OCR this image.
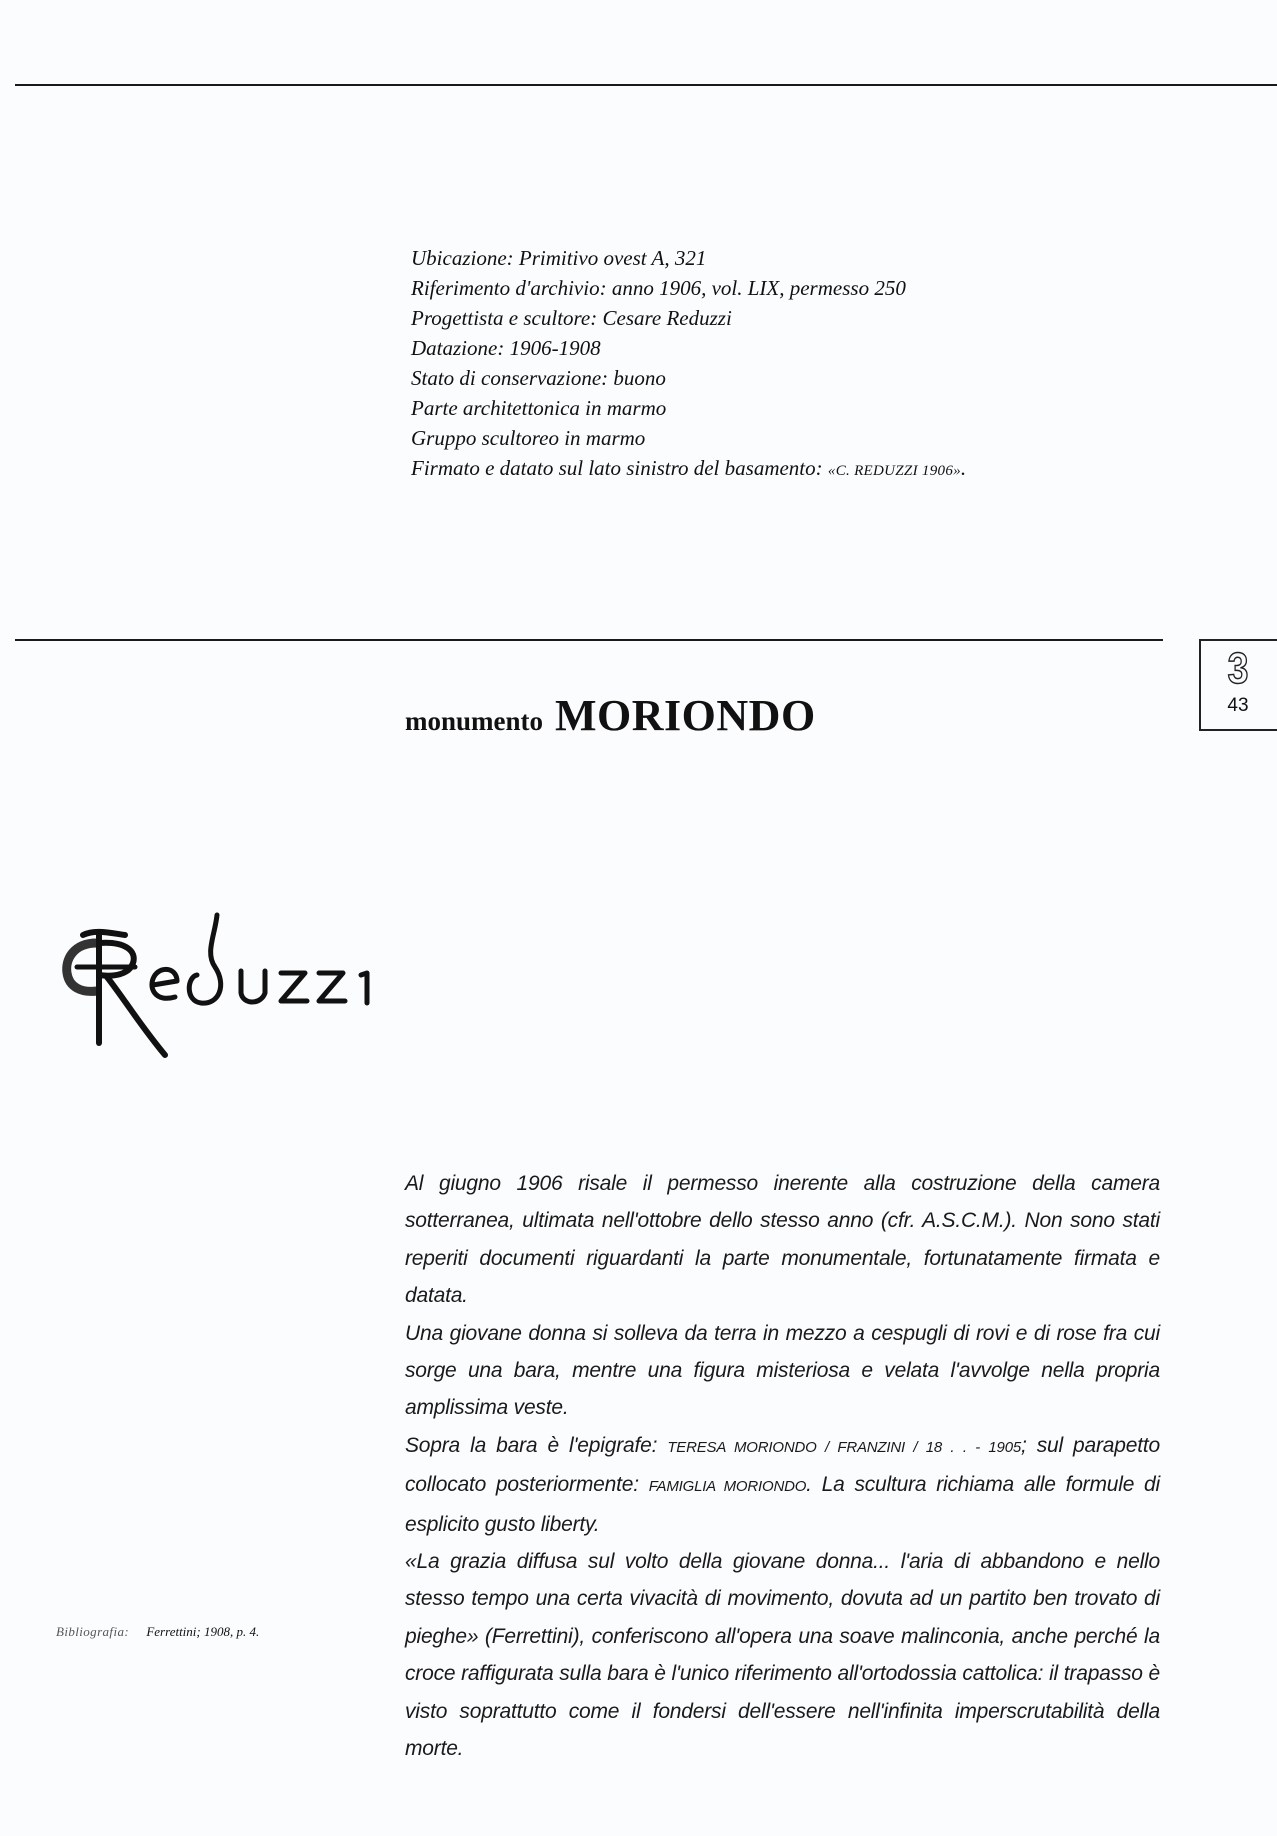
Ubicazione: Primitivo ovest A, 321
Riferimento d'archivio: anno 1906, vol. LIX, permesso 250
Progettista e scultore: Cesare Reduzzi
Datazione: 1906-1908
Stato di conservazione: buono
Parte architettonica in marmo
Gruppo scultoreo in marmo
Firmato e datato sul lato sinistro del basamento: «C. REDUZZI 1906».
3
43
monumento MORIONDO

Al giugno 1906 risale il permesso inerente alla costruzione della camera sotterranea, ultimata nell'ottobre dello stesso anno (cfr. A.S.C.M.). Non sono stati reperiti documenti riguardanti la parte monumentale, fortunatamente firmata e datata.

Una giovane donna si solleva da terra in mezzo a cespugli di rovi e di rose fra cui sorge una bara, mentre una figura misteriosa e velata l'avvolge nella propria amplissima veste.

Sopra la bara è l'epigrafe: TERESA MORIONDO / FRANZINI / 18 . . - 1905; sul parapetto collocato posteriormente: FAMIGLIA MORIONDO. La scultura richiama alle formule di esplicito gusto liberty.

«La grazia diffusa sul volto della giovane donna... l'aria di abbandono e nello stesso tempo una certa vivacità di movimento, dovuta ad un partito ben trovato di pieghe» (Ferrettini), conferiscono all'opera una soave malinconia, anche perché la croce raffigurata sulla bara è l'unico riferimento all'ortodossia cattolica: il trapasso è visto soprattutto come il fondersi dell'essere nell'infinita imperscrutabilità della morte.

Bibliografia: Ferrettini; 1908, p. 4.
